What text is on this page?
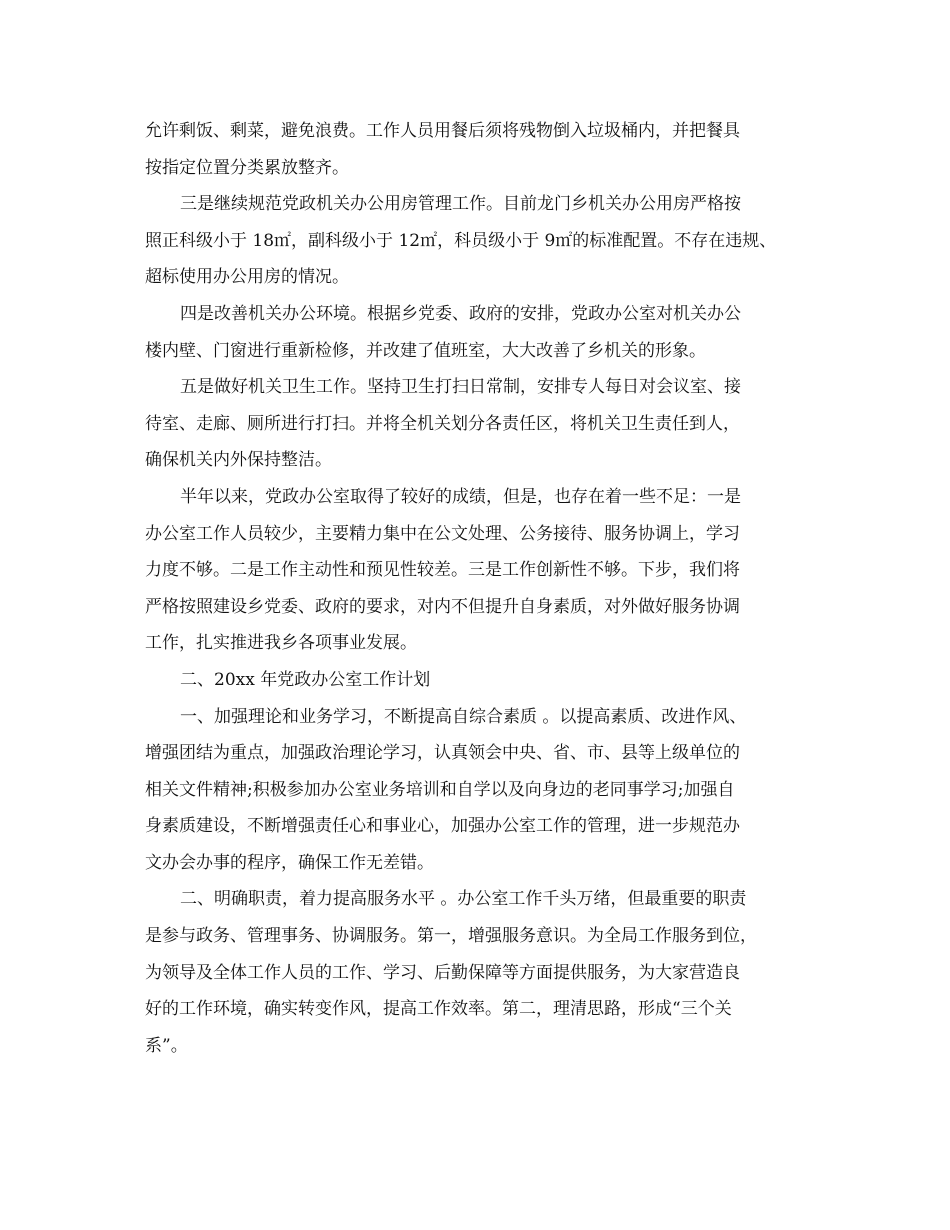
允许剩饭、剩菜，避免浪费。工作人员用餐后须将残物倒入垃圾桶内，并把餐具
按指定位置分类累放整齐。
三是继续规范党政机关办公用房管理工作。目前龙门乡机关办公用房严格按
照正科级小于 18㎡，副科级小于 12㎡，科员级小于 9㎡的标准配置。不存在违规、
超标使用办公用房的情况。
四是改善机关办公环境。根据乡党委、政府的安排，党政办公室对机关办公
楼内壁、门窗进行重新检修，并改建了值班室，大大改善了乡机关的形象。
五是做好机关卫生工作。坚持卫生打扫日常制，安排专人每日对会议室、接
待室、走廊、厕所进行打扫。并将全机关划分各责任区，将机关卫生责任到人，
确保机关内外保持整洁。
半年以来，党政办公室取得了较好的成绩，但是，也存在着一些不足：一是
办公室工作人员较少，主要精力集中在公文处理、公务接待、服务协调上，学习
力度不够。二是工作主动性和预见性较差。三是工作创新性不够。下步，我们将
严格按照建设乡党委、政府的要求，对内不但提升自身素质，对外做好服务协调
工作，扎实推进我乡各项事业发展。
二、20xx 年党政办公室工作计划
一、加强理论和业务学习，不断提高自综合素质 。以提高素质、改进作风、
增强团结为重点，加强政治理论学习，认真领会中央、省、市、县等上级单位的
相关文件精神;积极参加办公室业务培训和自学以及向身边的老同事学习;加强自
身素质建设，不断增强责任心和事业心，加强办公室工作的管理，进一步规范办
文办会办事的程序，确保工作无差错。
二、明确职责，着力提高服务水平 。办公室工作千头万绪，但最重要的职责
是参与政务、管理事务、协调服务。第一，增强服务意识。为全局工作服务到位，
为领导及全体工作人员的工作、学习、后勤保障等方面提供服务，为大家营造良
好的工作环境，确实转变作风，提高工作效率。第二，理清思路，形成“三个关
系”。
